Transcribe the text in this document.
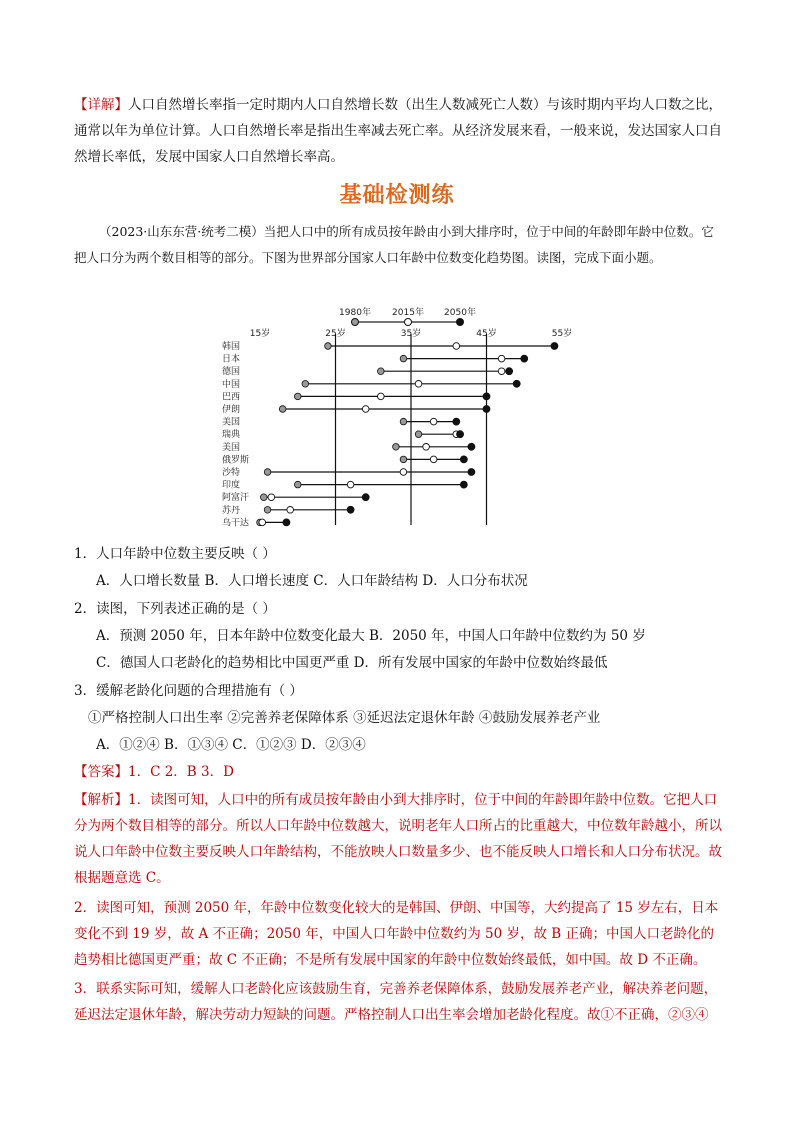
【详解】人口自然增长率指一定时期内人口自然增长数（出生人数减死亡人数）与该时期内平均人口数之比，通常以年为单位计算。人口自然增长率是指出生率减去死亡率。从经济发展来看，一般来说，发达国家人口自然增长率低，发展中国家人口自然增长率高。

基础检测练

（2023·山东东营·统考二模）当把人口中的所有成员按年龄由小到大排序时，位于中间的年龄即年龄中位数。它把人口分为两个数目相等的部分。下图为世界部分国家人口年龄中位数变化趋势图。读图，完成下面小题。

1980年 2015年 2050年
15岁	25岁	35岁	45岁	55岁
韩国
日本
德国
中国
巴西
伊朗
美国
瑞典
美国
俄罗斯
沙特
印度
阿富汗
苏丹
乌干达
1．人口年龄中位数主要反映（ ）
A．人口增长数量 B．人口增长速度 C．人口年龄结构 D．人口分布状况
2．读图，下列表述正确的是（ ）
A．预测 2050 年，日本年龄中位数变化最大 B．2050 年，中国人口年龄中位数约为 50 岁
C．德国人口老龄化的趋势相比中国更严重 D．所有发展中国家的年龄中位数始终最低
3．缓解老龄化问题的合理措施有（ ）
①严格控制人口出生率 ②完善养老保障体系 ③延迟法定退休年龄 ④鼓励发展养老产业
A．①②④ B．①③④ C．①②③ D．②③④
【答案】1．C 2．B 3．D

【解析】1．读图可知，人口中的所有成员按年龄由小到大排序时，位于中间的年龄即年龄中位数。它把人口分为两个数目相等的部分。所以人口年龄中位数越大，说明老年人口所占的比重越大，中位数年龄越小，所以说人口年龄中位数主要反映人口年龄结构，不能放映人口数量多少、也不能反映人口增长和人口分布状况。故根据题意选 C。

2．读图可知，预测 2050 年，年龄中位数变化较大的是韩国、伊朗、中国等，大约提高了 15 岁左右，日本变化不到 19 岁，故 A 不正确；2050 年，中国人口年龄中位数约为 50 岁，故 B 正确；中国人口老龄化的趋势相比德国更严重；故 C 不正确；不是所有发展中国家的年龄中位数始终最低，如中国。故 D 不正确。

3．联系实际可知，缓解人口老龄化应该鼓励生育，完善养老保障体系，鼓励发展养老产业，解决养老问题，延迟法定退休年龄，解决劳动力短缺的问题。严格控制人口出生率会增加老龄化程度。故①不正确，②③④
